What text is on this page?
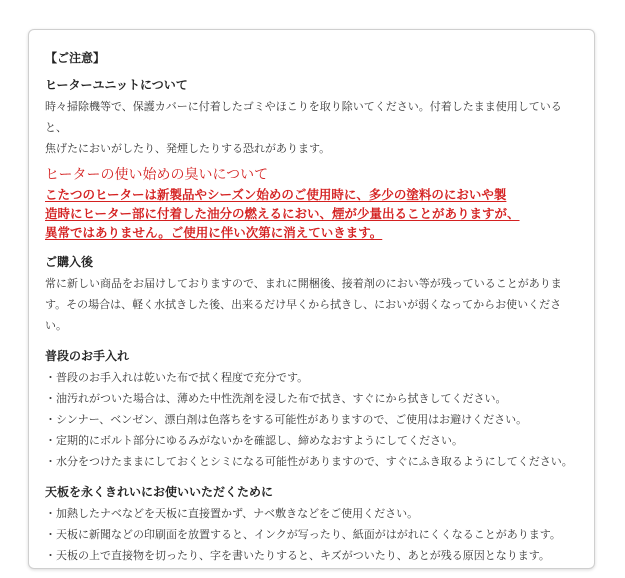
【ご注意】

ヒーターユニットについて

時々掃除機等で、保護カバーに付着したゴミやほこりを取り除いてください。付着したまま使用していると、

焦げたにおいがしたり、発煙したりする恐れがあります。

ヒーターの使い始めの臭いについて

こたつのヒーターは新製品やシーズン始めのご使用時に、多少の塗料のにおいや製

造時にヒーター部に付着した油分の燃えるにおい、煙が少量出ることがありますが、

異常ではありません。ご使用に伴い次第に消えていきます。

ご購入後

常に新しい商品をお届けしておりますので、まれに開梱後、接着剤のにおい等が残っていることがありま

す。その場合は、軽く水拭きした後、出来るだけ早くから拭きし、においが弱くなってからお使いください。

普段のお手入れ

・普段のお手入れは乾いた布で拭く程度で充分です。
・油汚れがついた場合は、薄めた中性洗剤を浸した布で拭き、すぐにから拭きしてください。
・シンナー、ベンゼン、漂白剤は色落ちをする可能性がありますので、ご使用はお避けください。
・定期的にボルト部分にゆるみがないかを確認し、締めなおすようにしてください。
・水分をつけたままにしておくとシミになる可能性がありますので、すぐにふき取るようにしてください。

天板を永くきれいにお使いいただくために

・加熱したナベなどを天板に直接置かず、ナベ敷きなどをご使用ください。
・天板に新聞などの印刷面を放置すると、インクが写ったり、紙面がはがれにくくなることがあります。
・天板の上で直接物を切ったり、字を書いたりすると、キズがついたり、あとが残る原因となります。
